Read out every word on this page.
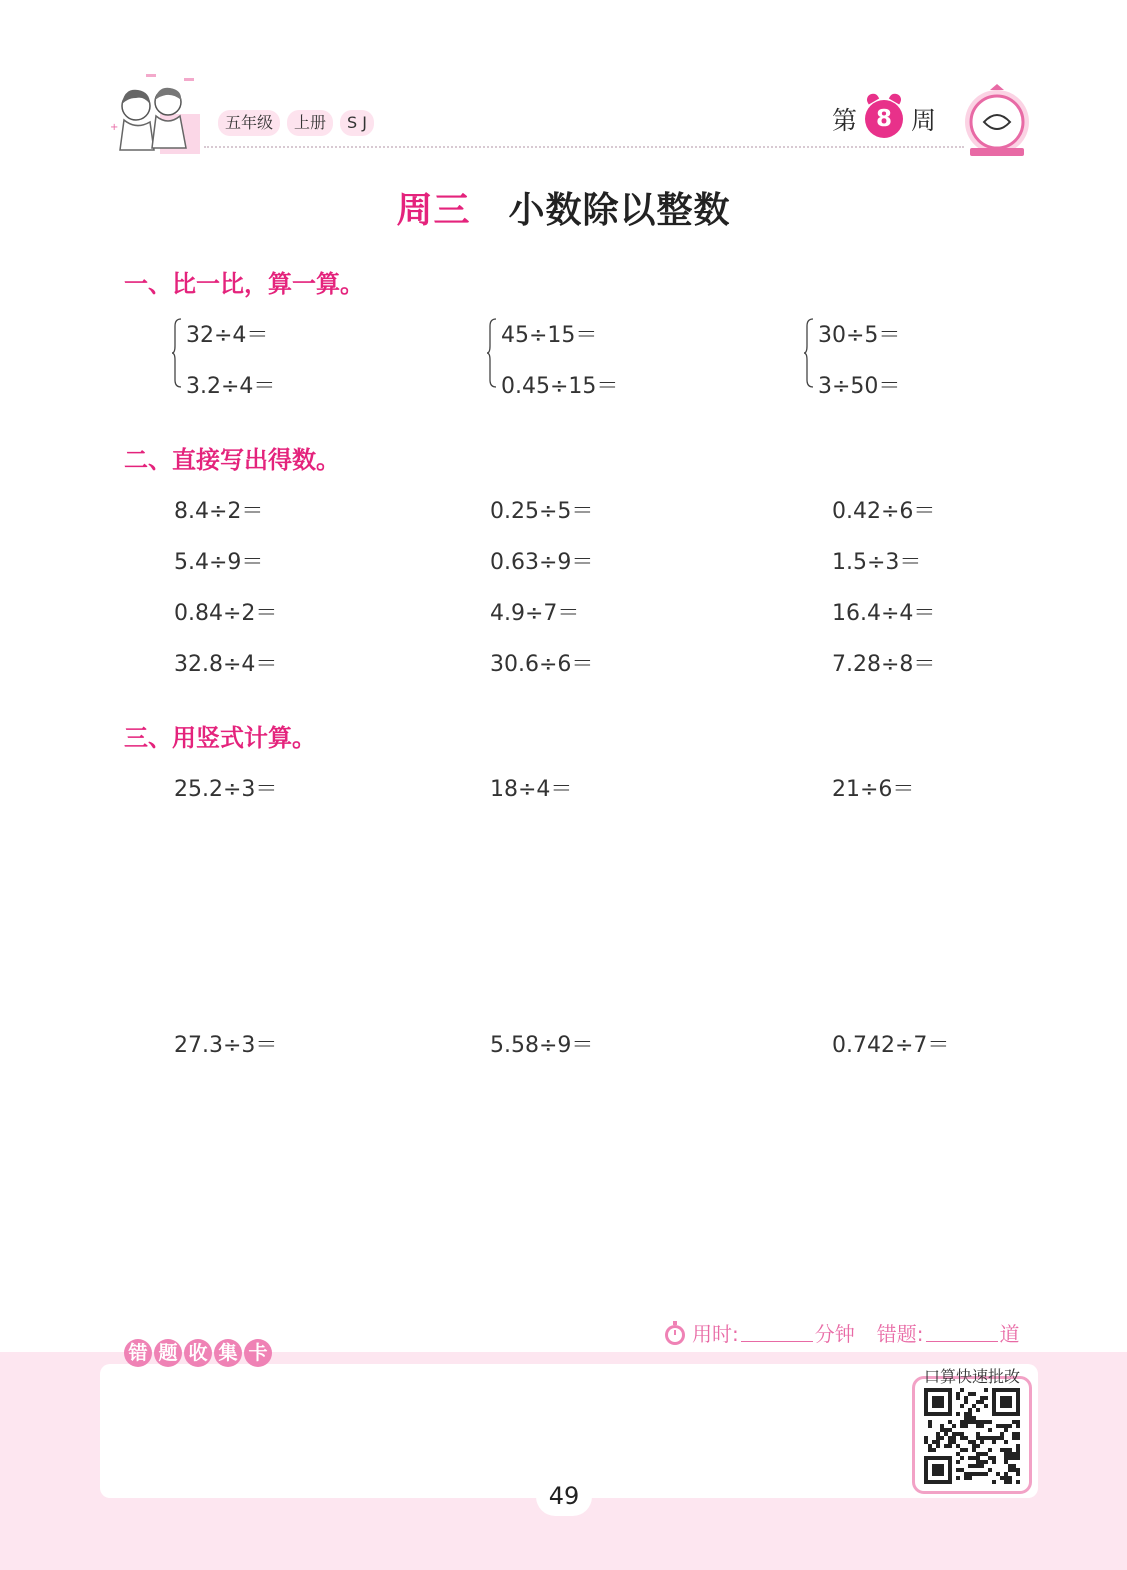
+	五年级	上册	S J	第 8 周
周三 小数除以整数
一、比一比，算一算。
32÷4＝
3.2÷4＝
45÷15＝
0.45÷15＝
30÷5＝
3÷50＝
二、直接写出得数。
8.4÷2＝	0.25÷5＝	0.42÷6＝
5.4÷9＝	0.63÷9＝	1.5÷3＝
0.84÷2＝	4.9÷7＝	16.4÷4＝
32.8÷4＝	30.6÷6＝	7.28÷8＝
三、用竖式计算。
25.2÷3＝	18÷4＝	21÷6＝
27.3÷3＝	5.58÷9＝	0.742÷7＝
用时:	分钟 错题:	道
错 题 收 集 卡
口算快速批改
49
